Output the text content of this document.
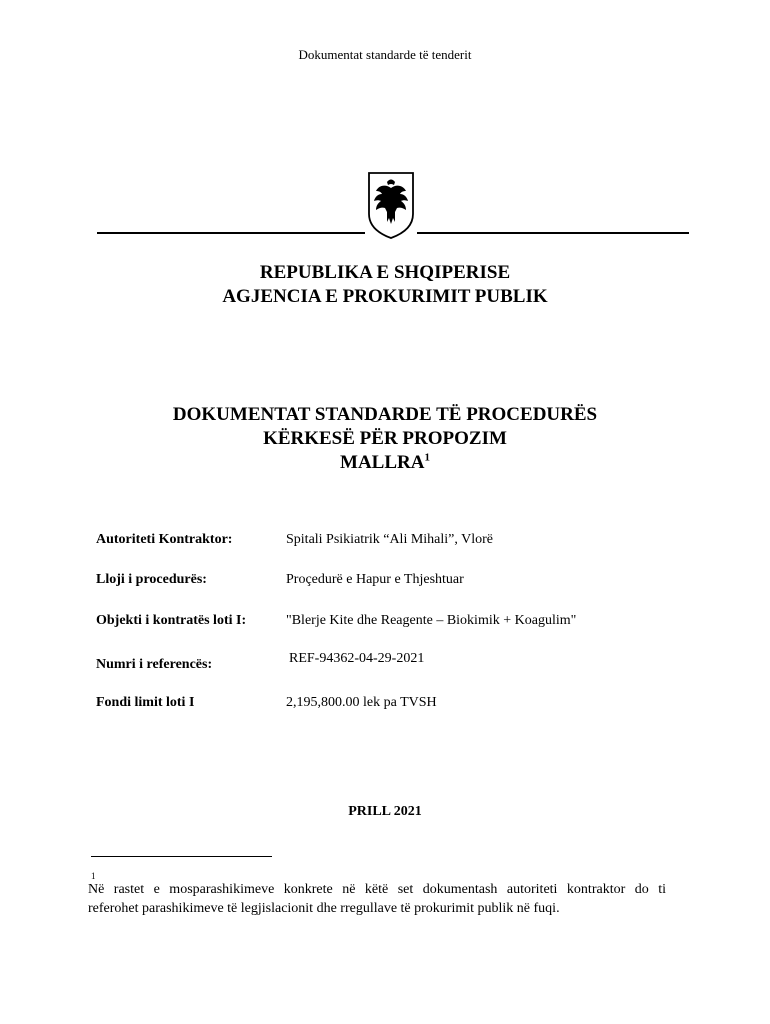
Dokumentat standarde të tenderit
REPUBLIKA E SHQIPERISE
AGJENCIA E PROKURIMIT PUBLIK
DOKUMENTAT STANDARDE TË PROCEDURËS
KËRKESË PËR PROPOZIM
MALLRA$^1$
Autoriteti Kontraktor:	Spitali Psikiatrik “Ali Mihali”, Vlorë
Lloji i procedurës:	Proçedurë e Hapur e Thjeshtuar
Objekti i kontratës loti I:	"Blerje Kite dhe Reagente – Biokimik + Koagulim"
Numri i referencës:	REF-94362-04-29-2021
Fondi limit loti I	2,195,800.00 lek pa TVSH
PRILL 2021
1
Në rastet e mosparashikimeve konkrete në këtë set dokumentash autoriteti kontraktor do ti
referohet parashikimeve të legjislacionit dhe rregullave të prokurimit publik në fuqi.
